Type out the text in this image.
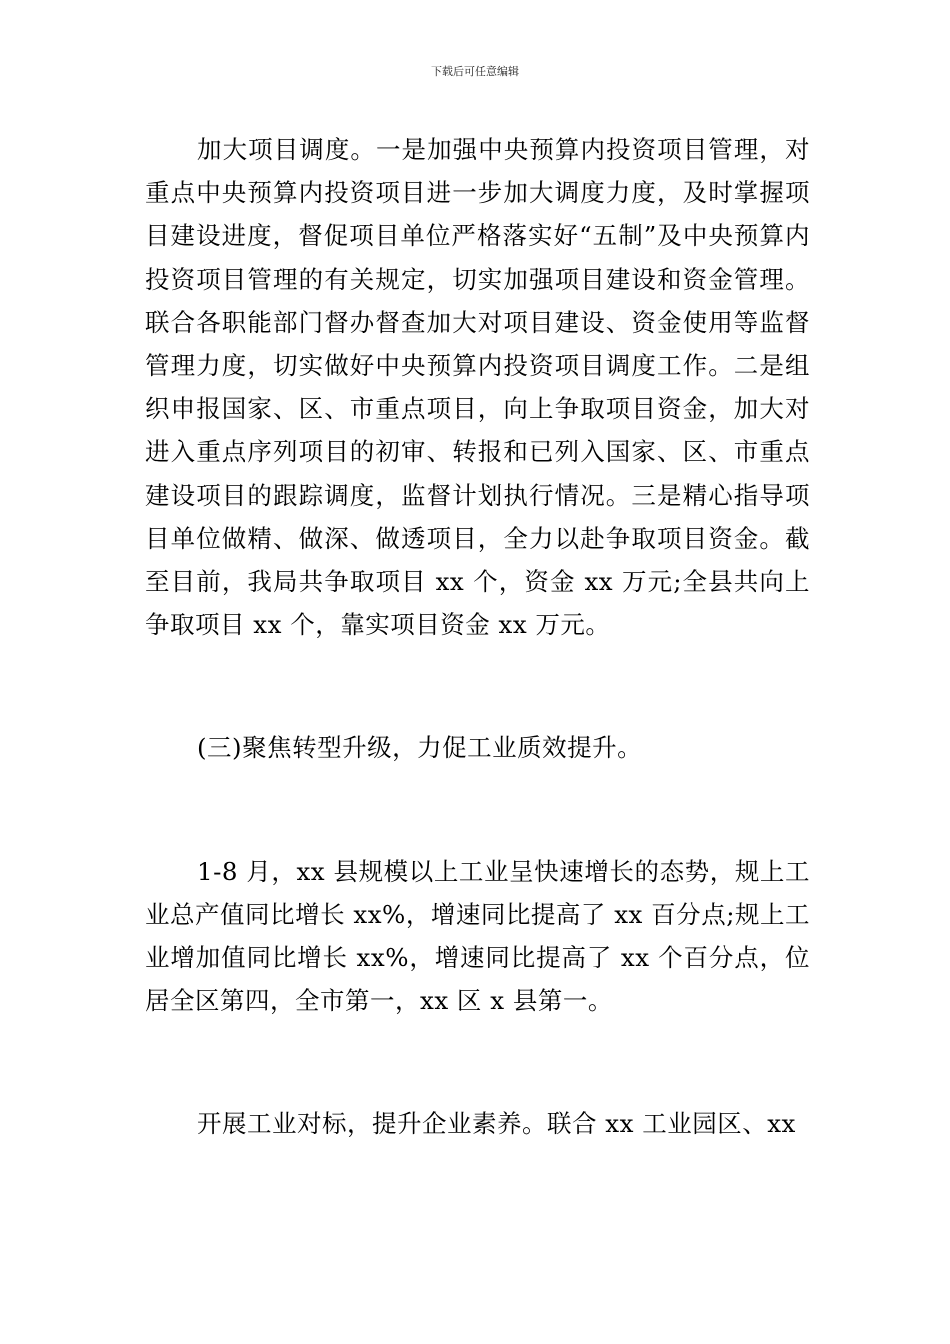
下载后可任意编辑

加大项目调度。一是加强中央预算内投资项目管理，对重点中央预算内投资项目进一步加大调度力度，及时掌握项目建设进度，督促项目单位严格落实好“五制”及中央预算内投资项目管理的有关规定，切实加强项目建设和资金管理。联合各职能部门督办督查加大对项目建设、资金使用等监督管理力度，切实做好中央预算内投资项目调度工作。二是组织申报国家、区、市重点项目，向上争取项目资金，加大对进入重点序列项目的初审、转报和已列入国家、区、市重点建设项目的跟踪调度，监督计划执行情况。三是精心指导项目单位做精、做深、做透项目，全力以赴争取项目资金。截至目前，我局共争取项目 xx 个，资金 xx 万元;全县共向上争取项目 xx 个，靠实项目资金 xx 万元。

(三)聚焦转型升级，力促工业质效提升。

1-8 月，xx 县规模以上工业呈快速增长的态势，规上工业总产值同比增长 xx%，增速同比提高了 xx 百分点;规上工业增加值同比增长 xx%，增速同比提高了 xx 个百分点，位居全区第四，全市第一，xx 区 x 县第一。

开展工业对标，提升企业素养。联合 xx 工业园区、xx
